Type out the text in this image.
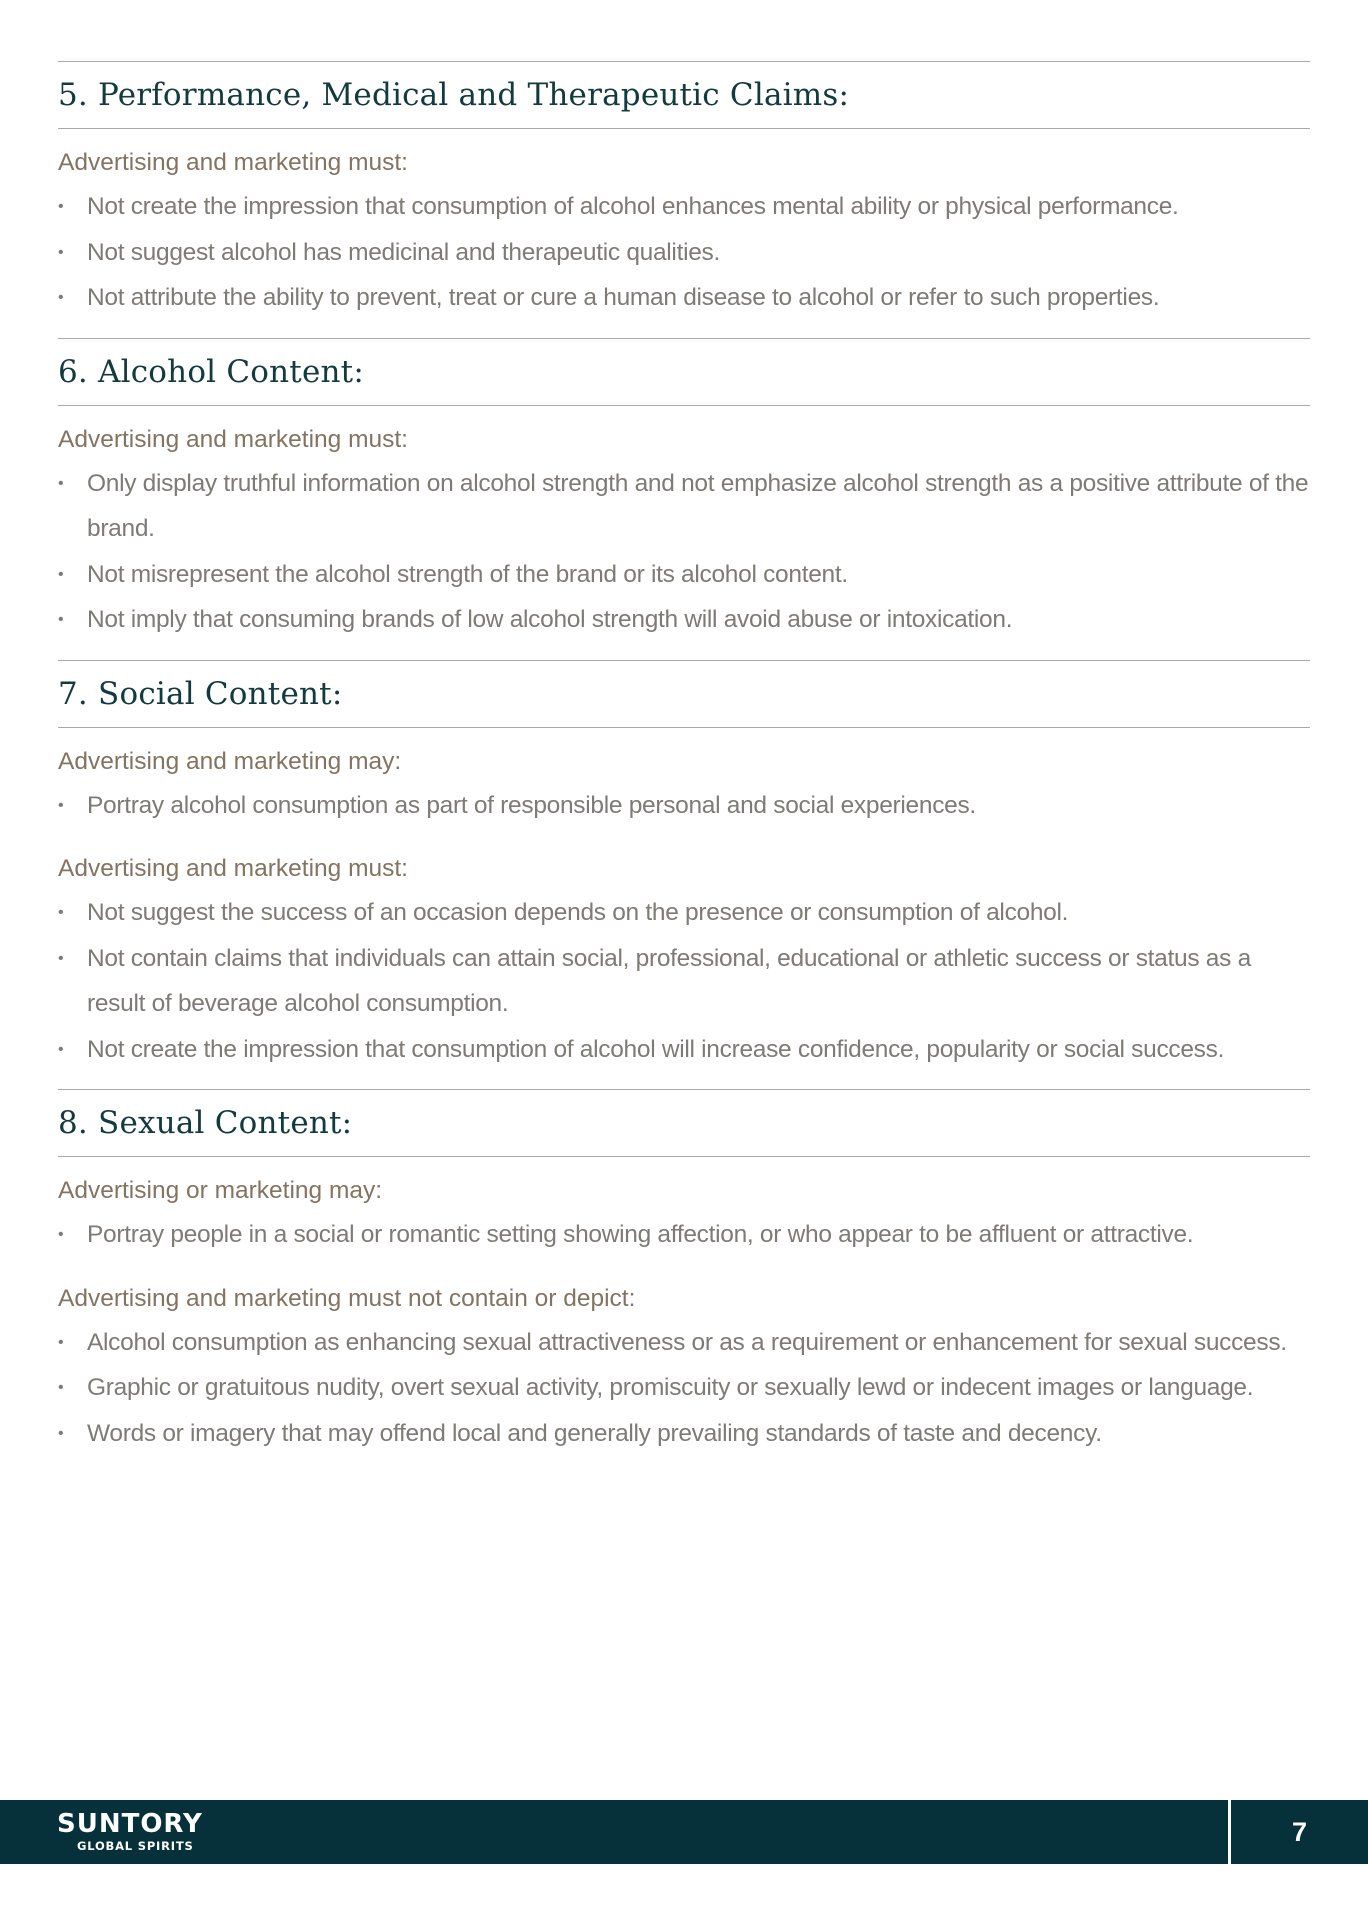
5. Performance, Medical and Therapeutic Claims:

Advertising and marketing must:

• Not create the impression that consumption of alcohol enhances mental ability or physical performance.
• Not suggest alcohol has medicinal and therapeutic qualities.
• Not attribute the ability to prevent, treat or cure a human disease to alcohol or refer to such properties.
6. Alcohol Content:

Advertising and marketing must:

• Only display truthful information on alcohol strength and not emphasize alcohol strength as a positive attribute of the brand.
• Not misrepresent the alcohol strength of the brand or its alcohol content.
• Not imply that consuming brands of low alcohol strength will avoid abuse or intoxication.
7. Social Content:

Advertising and marketing may:

• Portray alcohol consumption as part of responsible personal and social experiences.

Advertising and marketing must:

• Not suggest the success of an occasion depends on the presence or consumption of alcohol.
• Not contain claims that individuals can attain social, professional, educational or athletic success or status as a result of beverage alcohol consumption.
• Not create the impression that consumption of alcohol will increase confidence, popularity or social success.
8. Sexual Content:

Advertising or marketing may:

• Portray people in a social or romantic setting showing affection, or who appear to be affluent or attractive.

Advertising and marketing must not contain or depict:

• Alcohol consumption as enhancing sexual attractiveness or as a requirement or enhancement for sexual success.
• Graphic or gratuitous nudity, overt sexual activity, promiscuity or sexually lewd or indecent images or language.
• Words or imagery that may offend local and generally prevailing standards of taste and decency.
SUNTORY
GLOBAL SPIRITS	7
